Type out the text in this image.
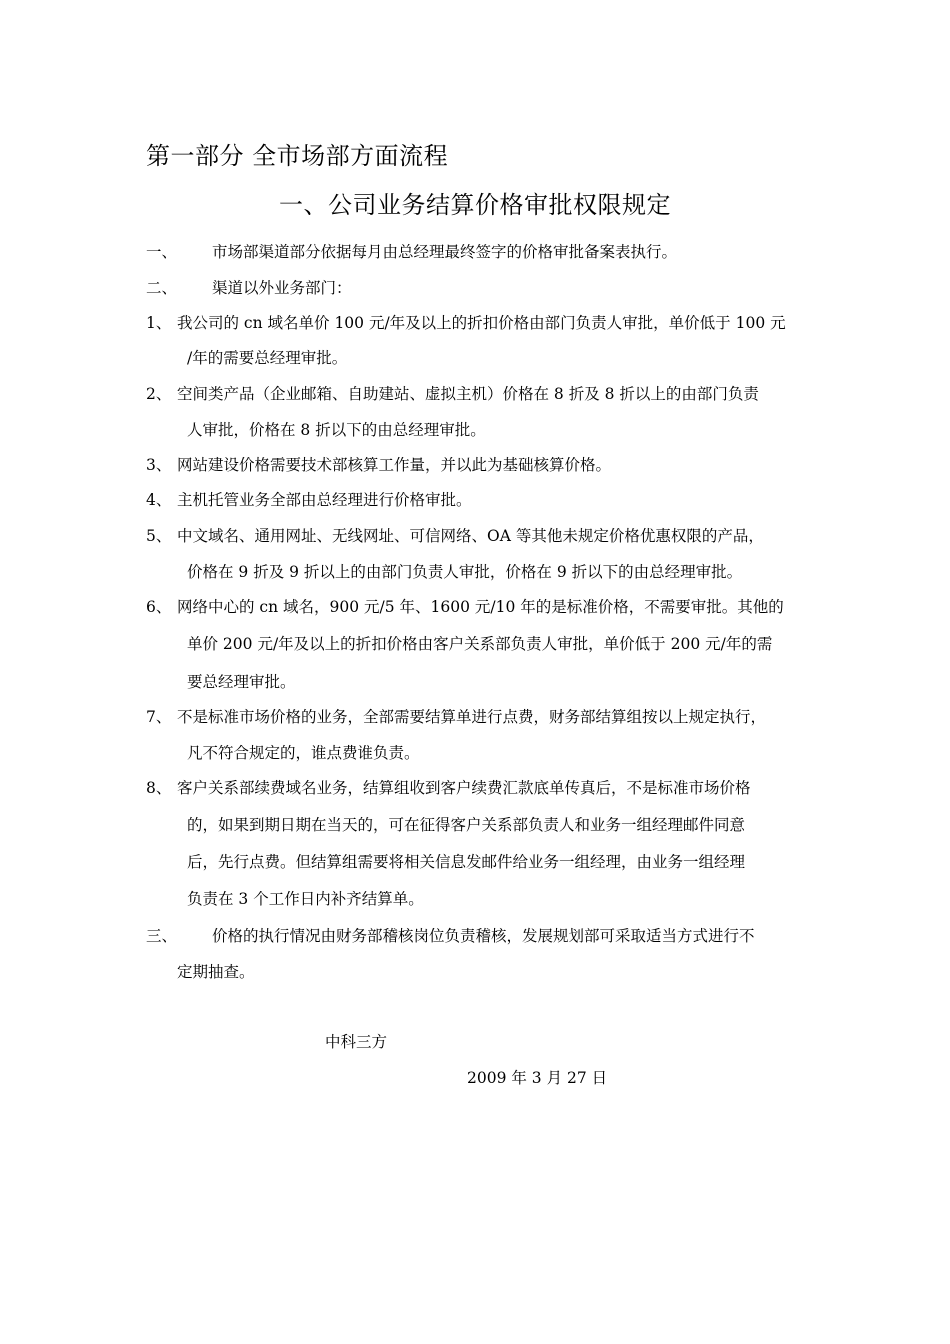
第一部分 全市场部方面流程
一、公司业务结算价格审批权限规定
一、 市场部渠道部分依据每月由总经理最终签字的价格审批备案表执行。
二、 渠道以外业务部门：
1、 我公司的 cn 域名单价 100 元/年及以上的折扣价格由部门负责人审批，单价低于 100 元
/年的需要总经理审批。
2、 空间类产品（企业邮箱、自助建站、虚拟主机）价格在 8 折及 8 折以上的由部门负责
人审批，价格在 8 折以下的由总经理审批。
3、 网站建设价格需要技术部核算工作量，并以此为基础核算价格。
4、 主机托管业务全部由总经理进行价格审批。
5、 中文域名、通用网址、无线网址、可信网络、OA 等其他未规定价格优惠权限的产品，
价格在 9 折及 9 折以上的由部门负责人审批，价格在 9 折以下的由总经理审批。
6、 网络中心的 cn 域名，900 元/5 年、1600 元/10 年的是标准价格，不需要审批。其他的
单价 200 元/年及以上的折扣价格由客户关系部负责人审批，单价低于 200 元/年的需
要总经理审批。
7、 不是标准市场价格的业务，全部需要结算单进行点费，财务部结算组按以上规定执行，
凡不符合规定的，谁点费谁负责。
8、 客户关系部续费域名业务，结算组收到客户续费汇款底单传真后，不是标准市场价格
的，如果到期日期在当天的，可在征得客户关系部负责人和业务一组经理邮件同意
后，先行点费。但结算组需要将相关信息发邮件给业务一组经理，由业务一组经理
负责在 3 个工作日内补齐结算单。
三、 价格的执行情况由财务部稽核岗位负责稽核，发展规划部可采取适当方式进行不
定期抽查。
中科三方
2009 年 3 月 27 日
